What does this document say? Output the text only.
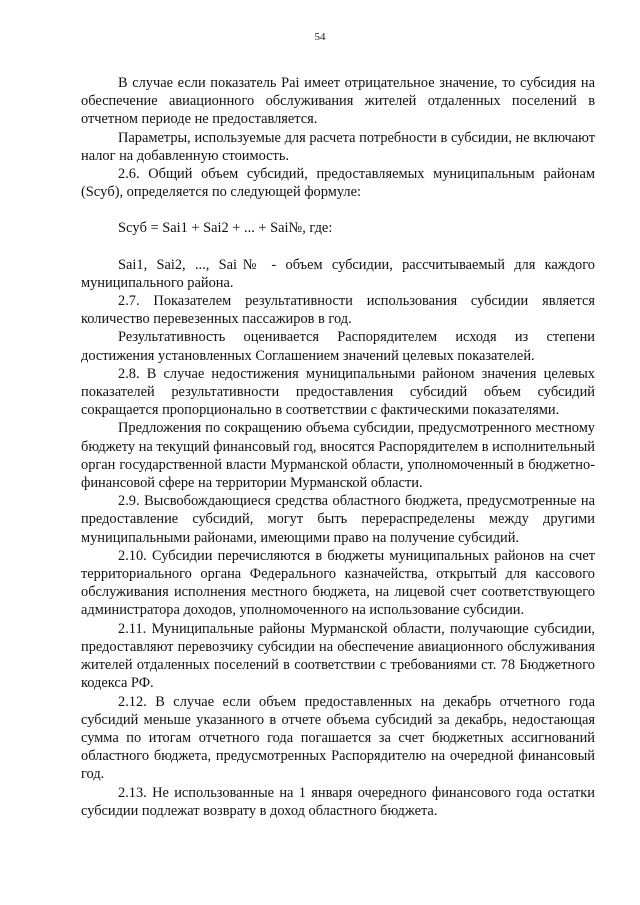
54

В случае если показатель Раi имеет отрицательное значение, то субсидия на обеспечение авиационного обслуживания жителей отдаленных поселений в отчетном периоде не предоставляется.

Параметры, используемые для расчета потребности в субсидии, не включают налог на добавленную стоимость.

2.6. Общий объем субсидий, предоставляемых муниципальным районам (Scyб), определяется по следующей формуле:

Scyб = Sai1 + Sai2 + ... + Sai№, где:

Sai1, Sai2, ..., Sai№ - объем субсидии, рассчитываемый для каждого муниципального района.

2.7. Показателем результативности использования субсидии является количество перевезенных пассажиров в год.

Результативность оценивается Распорядителем исходя из степени достижения установленных Соглашением значений целевых показателей.

2.8. В случае недостижения муниципальными районом значения целевых показателей результативности предоставления субсидий объем субсидий сокращается пропорционально в соответствии с фактическими показателями.

Предложения по сокращению объема субсидии, предусмотренного местному бюджету на текущий финансовый год, вносятся Распорядителем в исполнительный орган государственной власти Мурманской области, уполномоченный в бюджетно-финансовой сфере на территории Мурманской области.

2.9. Высвобождающиеся средства областного бюджета, предусмотренные на предоставление субсидий, могут быть перераспределены между другими муниципальными районами, имеющими право на получение субсидий.

2.10. Субсидии перечисляются в бюджеты муниципальных районов на счет территориального органа Федерального казначейства, открытый для кассового обслуживания исполнения местного бюджета, на лицевой счет соответствующего администратора доходов, уполномоченного на использование субсидии.

2.11. Муниципальные районы Мурманской области, получающие субсидии, предоставляют перевозчику субсидии на обеспечение авиационного обслуживания жителей отдаленных поселений в соответствии с требованиями ст. 78 Бюджетного кодекса РФ.

2.12. В случае если объем предоставленных на декабрь отчетного года субсидий меньше указанного в отчете объема субсидий за декабрь, недостающая сумма по итогам отчетного года погашается за счет бюджетных ассигнований областного бюджета, предусмотренных Распорядителю на очередной финансовый год.

2.13. Не использованные на 1 января очередного финансового года остатки субсидии подлежат возврату в доход областного бюджета.
